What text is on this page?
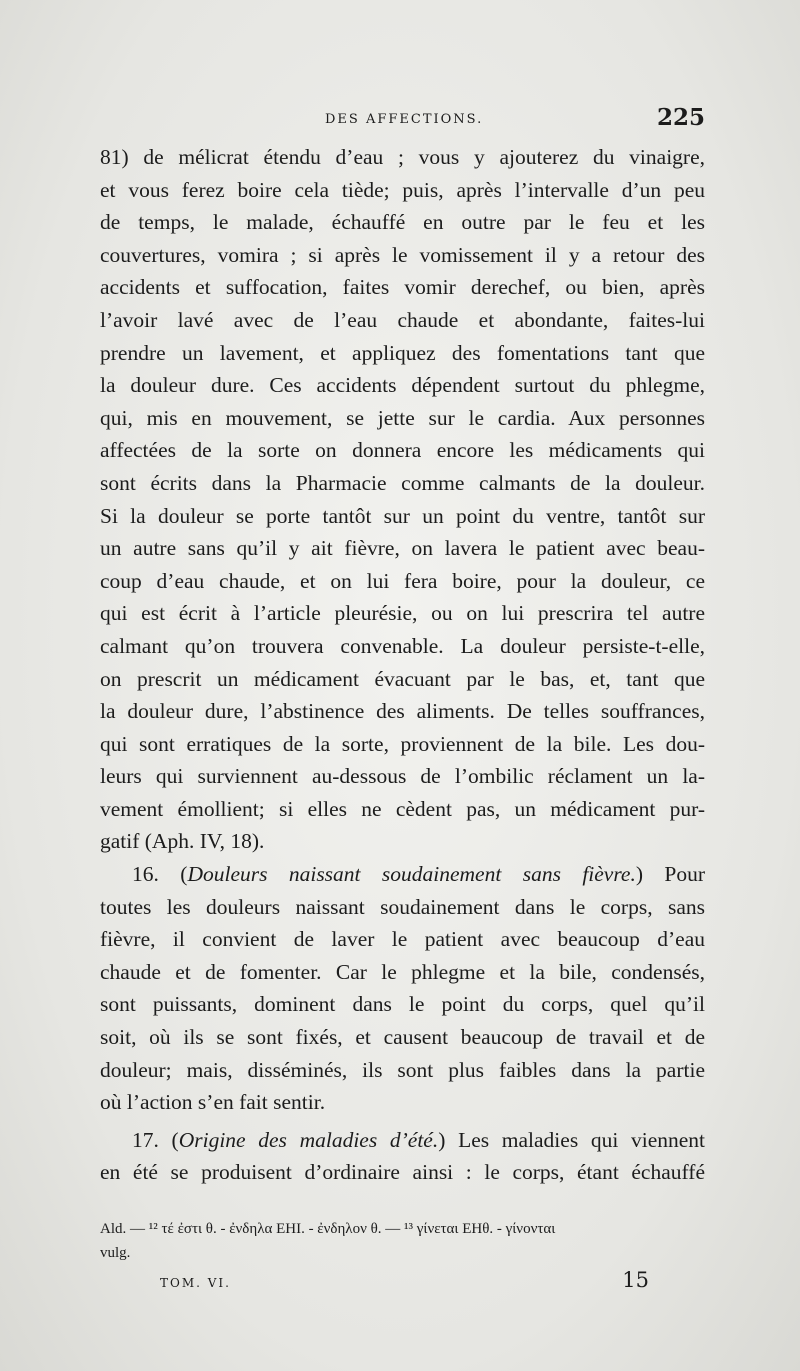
DES AFFECTIONS.	225
81) de mélicrat étendu d’eau ; vous y ajouterez du vinaigre,
et vous ferez boire cela tiède; puis, après l’intervalle d’un peu
de temps, le malade, échauffé en outre par le feu et les
couvertures, vomira ; si après le vomissement il y a retour des
accidents et suffocation, faites vomir derechef, ou bien, après
l’avoir lavé avec de l’eau chaude et abondante, faites-lui
prendre un lavement, et appliquez des fomentations tant que
la douleur dure. Ces accidents dépendent surtout du phlegme,
qui, mis en mouvement, se jette sur le cardia. Aux personnes
affectées de la sorte on donnera encore les médicaments qui
sont écrits dans la Pharmacie comme calmants de la douleur.
Si la douleur se porte tantôt sur un point du ventre, tantôt sur
un autre sans qu’il y ait fièvre, on lavera le patient avec beau-
coup d’eau chaude, et on lui fera boire, pour la douleur, ce
qui est écrit à l’article pleurésie, ou on lui prescrira tel autre
calmant qu’on trouvera convenable. La douleur persiste-t-elle,
on prescrit un médicament évacuant par le bas, et, tant que
la douleur dure, l’abstinence des aliments. De telles souffrances,
qui sont erratiques de la sorte, proviennent de la bile. Les dou-
leurs qui surviennent au-dessous de l’ombilic réclament un la-
vement émollient; si elles ne cèdent pas, un médicament pur-
gatif (Aph. IV, 18).
16. (Douleurs naissant soudainement sans fièvre.) Pour
toutes les douleurs naissant soudainement dans le corps, sans
fièvre, il convient de laver le patient avec beaucoup d’eau
chaude et de fomenter. Car le phlegme et la bile, condensés,
sont puissants, dominent dans le point du corps, quel qu’il
soit, où ils se sont fixés, et causent beaucoup de travail et de
douleur; mais, disséminés, ils sont plus faibles dans la partie
où l’action s’en fait sentir.
17. (Origine des maladies d’été.) Les maladies qui viennent
en été se produisent d’ordinaire ainsi : le corps, étant échauffé
Ald. — ¹² τέ ἐστι θ. - ἐνδηλα ΕΗΙ. - ἐνδηλον θ. — ¹³ γίνεται ΕΗθ. - γίνονται
vulg.
TOM. VI.	15
